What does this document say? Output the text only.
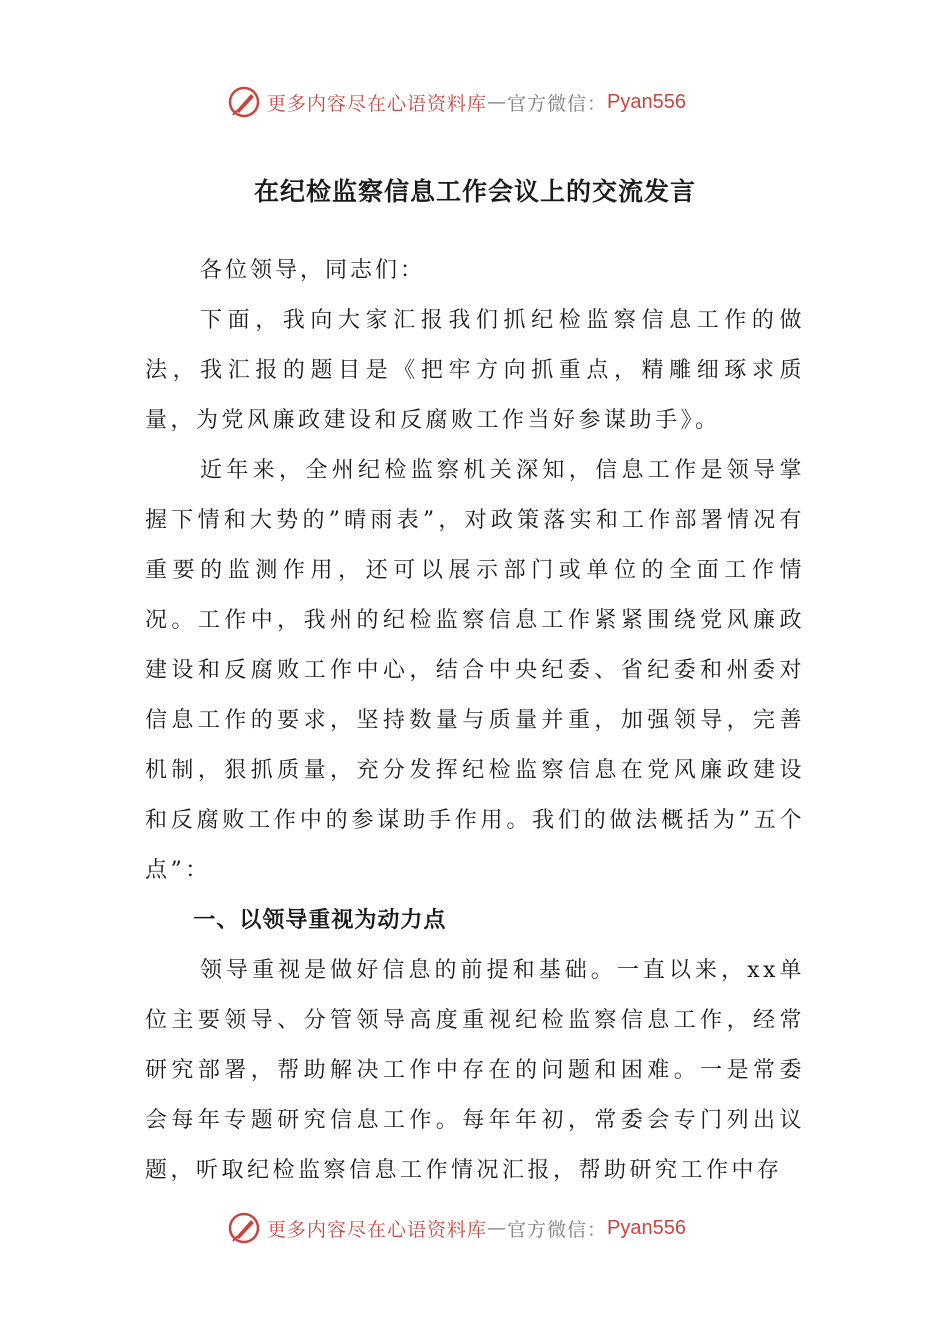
更多内容尽在心语资料库 — 官方微信： Pyan556
在纪检监察信息工作会议上的交流发言

各位领导，同志们：

下面，我向大家汇报我们抓纪检监察信息工作的做法，我汇报的题目是《把牢方向抓重点，精雕细琢求质量，为党风廉政建设和反腐败工作当好参谋助手》。

近年来，全州纪检监察机关深知，信息工作是领导掌握下情和大势的”晴雨表”，对政策落实和工作部署情况有重要的监测作用，还可以展示部门或单位的全面工作情况。工作中，我州的纪检监察信息工作紧紧围绕党风廉政建设和反腐败工作中心，结合中央纪委、省纪委和州委对信息工作的要求，坚持数量与质量并重，加强领导，完善机制，狠抓质量，充分发挥纪检监察信息在党风廉政建设和反腐败工作中的参谋助手作用。我们的做法概括为”五个点”：

一、以领导重视为动力点

领导重视是做好信息的前提和基础。一直以来，xx单位主要领导、分管领导高度重视纪检监察信息工作，经常研究部署，帮助解决工作中存在的问题和困难。一是常委会每年专题研究信息工作。每年年初，常委会专门列出议题，听取纪检监察信息工作情况汇报，帮助研究工作中存

更多内容尽在心语资料库 — 官方微信： Pyan556
